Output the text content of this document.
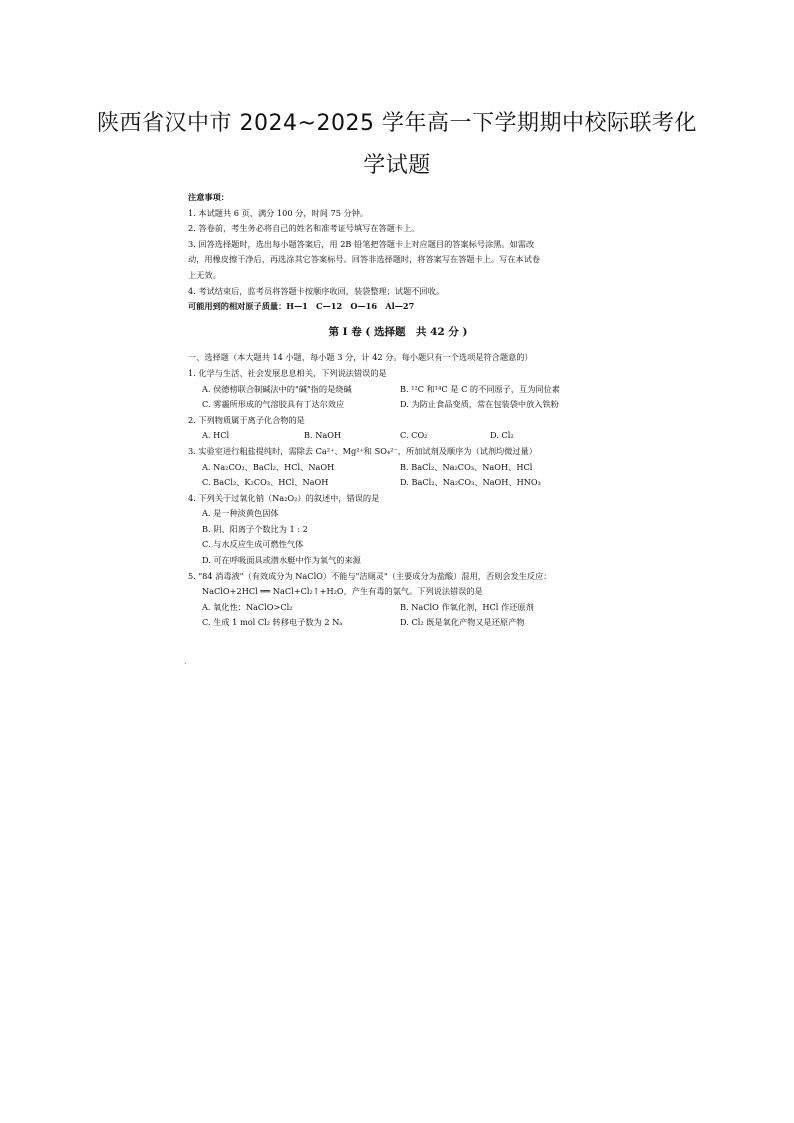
陕西省汉中市 2024~2025 学年高一下学期期中校际联考化
学试题

注意事项：

1. 本试题共 6 页，满分 100 分，时间 75 分钟。

2. 答卷前，考生务必将自己的姓名和准考证号填写在答题卡上。

3. 回答选择题时，选出每小题答案后，用 2B 铅笔把答题卡上对应题目的答案标号涂黑。如需改

动，用橡皮擦干净后，再选涂其它答案标号。回答非选择题时，将答案写在答题卡上。写在本试卷

上无效。

4. 考试结束后，监考员将答题卡按顺序收回，装袋整理；试题不回收。

可能用到的相对原子质量：H—1　C—12　O—16　Al—27

第 Ⅰ 卷 ( 选择题　共 42 分 )

一、选择题（本大题共 14 小题，每小题 3 分，计 42 分。每小题只有一个选项是符合题意的）

1. 化学与生活、社会发展息息相关，下列说法错误的是

A. 侯德榜联合制碱法中的"碱"指的是烧碱	B. ¹²C 和¹⁴C 是 C 的不同原子，互为同位素
C. 雾霾所形成的气溶胶具有丁达尔效应	D. 为防止食品变质，常在包装袋中放入铁粉

2. 下列物质属于离子化合物的是

A. HCl	B. NaOH	C. CO₂	D. Cl₂

3. 实验室进行粗盐提纯时，需除去 Ca²⁺、Mg²⁺和 SO₄²⁻，所加试剂及顺序为（试剂均微过量）

A. Na₂CO₃、BaCl₂、HCl、NaOH	B. BaCl₂、Na₂CO₃、NaOH、HCl
C. BaCl₂、K₂CO₃、HCl、NaOH	D. BaCl₂、Na₂CO₃、NaOH、HNO₃

4. 下列关于过氧化钠（Na₂O₂）的叙述中，错误的是

A. 是一种淡黄色固体

B. 阴、阳离子个数比为 1 : 2

C. 与水反应生成可燃性气体

D. 可在呼吸面具或潜水艇中作为氧气的来源

5. "84 消毒液"（有效成分为 NaClO）不能与"洁厕灵"（主要成分为盐酸）混用，否则会发生反应：

NaClO+2HCl ══ NaCl+Cl₂↑+H₂O，产生有毒的氯气。下列说法错误的是

A. 氧化性：NaClO>Cl₂	B. NaClO 作氧化剂，HCl 作还原剂
C. 生成 1 mol Cl₂ 转移电子数为 2 Nₐ	D. Cl₂ 既是氧化产物又是还原产物
.
